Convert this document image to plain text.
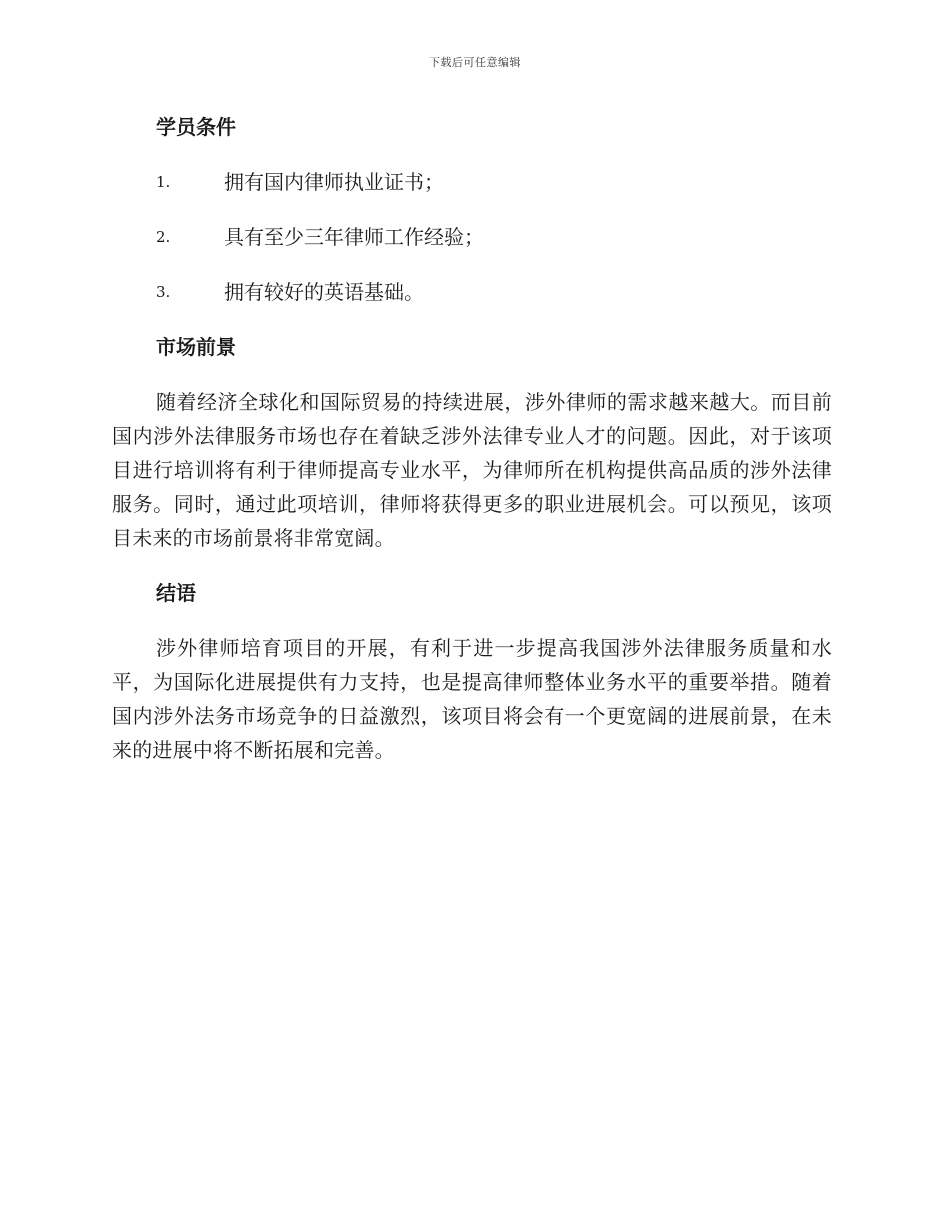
下载后可任意编辑
学员条件
1.	拥有国内律师执业证书；
2.	具有至少三年律师工作经验；
3.	拥有较好的英语基础。
市场前景

随着经济全球化和国际贸易的持续进展，涉外律师的需求越来越大。而目前国内涉外法律服务市场也存在着缺乏涉外法律专业人才的问题。因此，对于该项目进行培训将有利于律师提高专业水平，为律师所在机构提供高品质的涉外法律服务。同时，通过此项培训，律师将获得更多的职业进展机会。可以预见，该项目未来的市场前景将非常宽阔。

结语

涉外律师培育项目的开展，有利于进一步提高我国涉外法律服务质量和水平，为国际化进展提供有力支持，也是提高律师整体业务水平的重要举措。随着国内涉外法务市场竞争的日益激烈，该项目将会有一个更宽阔的进展前景，在未来的进展中将不断拓展和完善。
